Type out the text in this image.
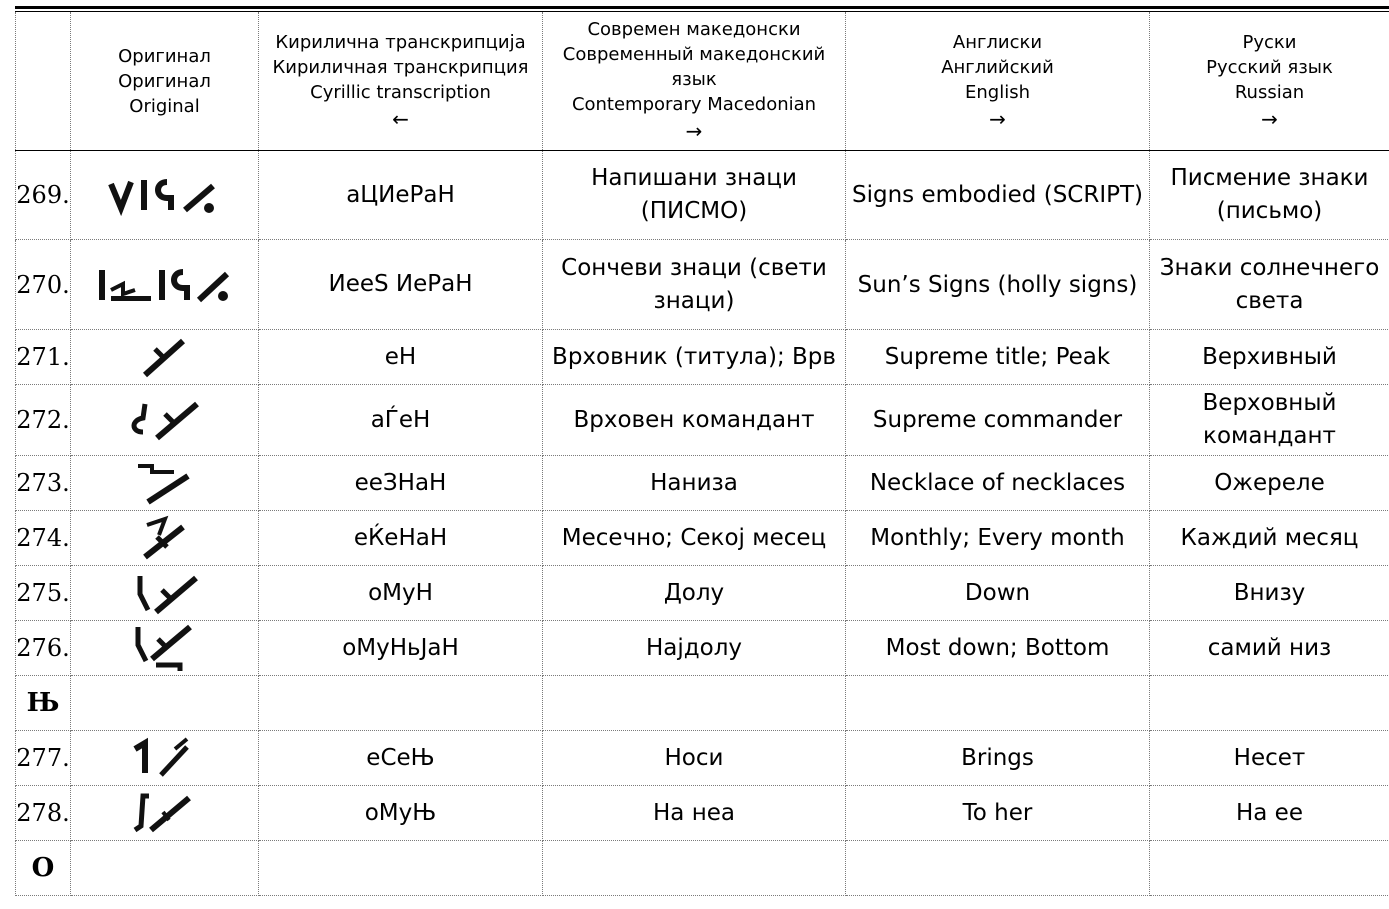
	Оригинал
Оригинал
Original	Кирилична транскрипција
Кириличная транскрипция
Cyrillic transcription
←	Современ македонски
Современный македонский
язык
Contemporary Macedonian
→	Англиски
Английский
English
→	Руски
Русский язык
Russian
→

269.		аЦИеРаН	Напишани знаци (ПИСМО)	Signs embodied (SCRIPT)	Писмение знаки (письмо)
270.		ИееЅ ИеРаН	Сончеви знаци (свети знаци)	Sun’s Signs (holly signs)	Знаки солнечнего света
271.		еН	Врховник (титула); Врв	Supreme title; Peak	Верхивный
272.		аЃеН	Врховен командант	Supreme commander	Верховный командант
273.		ееЗНаН	Наниза	Necklace of necklaces	Ожереле
274.		еЌеНаН	Месечно; Секој месец	Monthly; Every month	Каждий месяц
275.		оМуН	Долу	Down	Внизу
276.		оМуНьЈаН	Најдолу	Most down; Bottom	самий низ
Њ					
277.		еСеЊ	Носи	Brings	Несет
278.		оМуЊ	На неа	To her	На ее
О					
